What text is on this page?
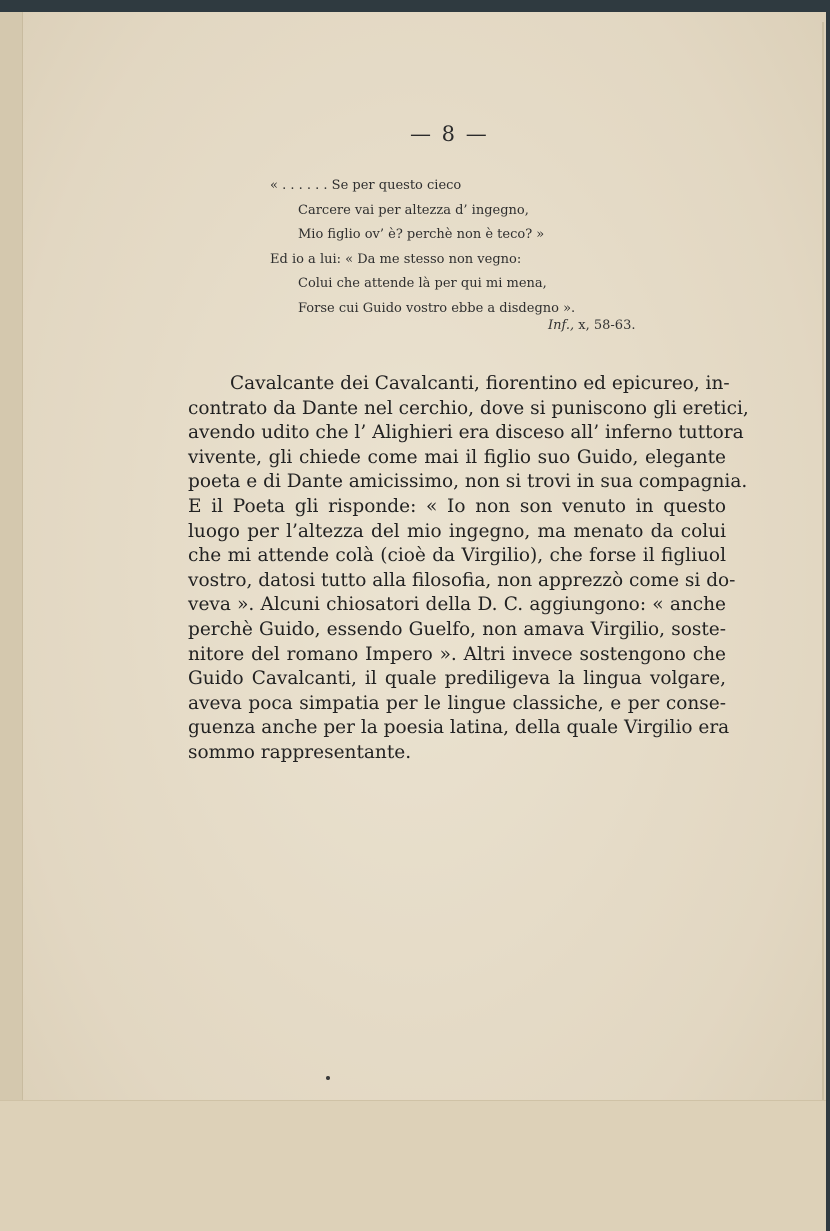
— 8 —
« . . . . . . Se per questo cieco
Carcere vai per altezza d’ ingegno,
Mio figlio ov’ è? perchè non è teco? »
Ed io a lui: « Da me stesso non vegno:
Colui che attende là per qui mi mena,
Forse cui Guido vostro ebbe a disdegno ».
Inf., x, 58-63.
Cavalcante dei Cavalcanti, fiorentino ed epicureo, in-
contrato da Dante nel cerchio, dove si puniscono gli eretici,
avendo udito che l’ Alighieri era disceso all’ inferno tuttora
vivente, gli chiede come mai il figlio suo Guido, elegante
poeta e di Dante amicissimo, non si trovi in sua compagnia.
E il Poeta gli risponde: « Io non son venuto in questo
luogo per l’altezza del mio ingegno, ma menato da colui
che mi attende colà (cioè da Virgilio), che forse il figliuol
vostro, datosi tutto alla filosofia, non apprezzò come si do-
veva ». Alcuni chiosatori della D. C. aggiungono: « anche
perchè Guido, essendo Guelfo, non amava Virgilio, soste-
nitore del romano Impero ». Altri invece sostengono che
Guido Cavalcanti, il quale prediligeva la lingua volgare,
aveva poca simpatia per le lingue classiche, e per conse-
guenza anche per la poesia latina, della quale Virgilio era
sommo rappresentante.
